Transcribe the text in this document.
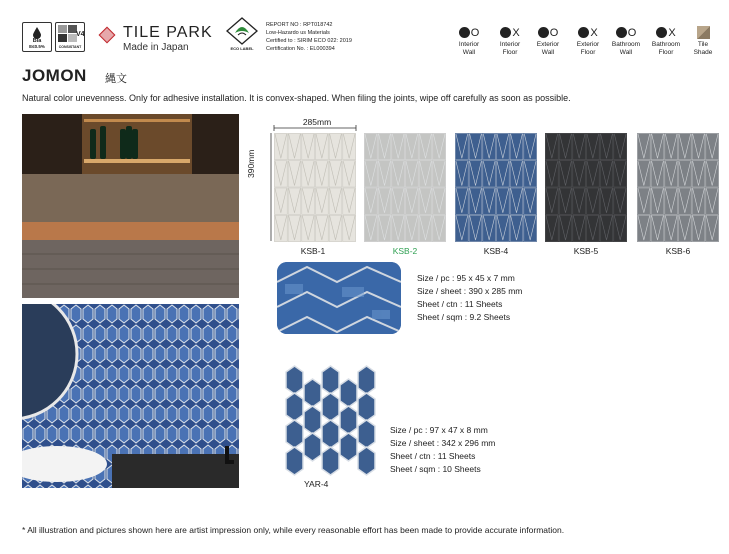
Bla
E≤0.5%
V4
CONSISTANT
TILE PARK
Made in Japan	ECO LABEL
REPORT NO : RPT018742
Low-Hazardo us Materials
Certified to : SIRIM ECO 022: 2019
Certification No. : EL000394
O
Interior
Wall
X
Interior
Floor
O
Exterior
Wall
X
Exterior
Floor
O
Bathroom
Wall
X
Bathroom
Floor
Tile
Shade
JOMON 縄文
Natural color unevenness. Only for adhesive installation. It is convex-shaped. When filing the joints, wipe off carefully as soon as possible.
285mm
390mm
KSB-1	KSB-2	KSB-4	KSB-5	KSB-6
Size / pc : 95 x 45 x 7 mm
Size / sheet : 390 x 285 mm
Sheet / ctn : 11 Sheets
Sheet / sqm : 9.2 Sheets
YAR-4
Size / pc : 97 x 47 x 8 mm
Size / sheet : 342 x 296 mm
Sheet / ctn : 11 Sheets
Sheet / sqm : 10 Sheets
* All illustration and pictures shown here are artist impression only, while every reasonable effort has been made to provide accurate information.
